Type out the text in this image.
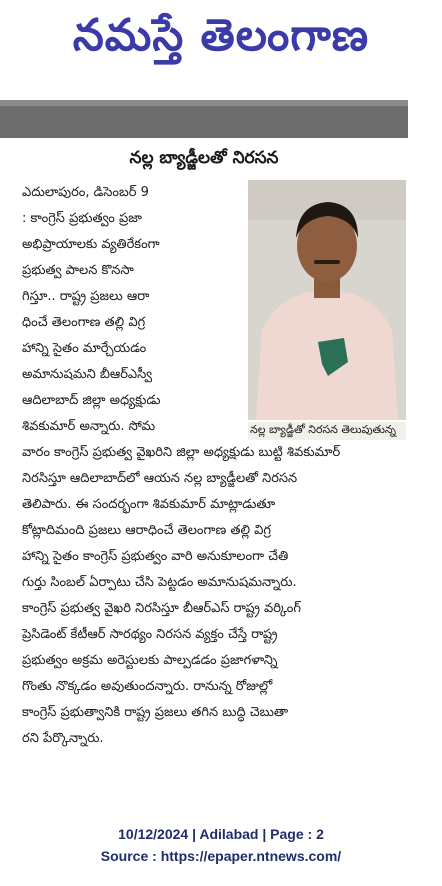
నమస్తే తెలంగాణ
నల్ల బ్యాడ్జీలతో నిరసన
నల్ల బ్యాడ్జీతో నిరసన తెలుపుతున్న
ఎదులాపురం, డిసెంబర్ 9
: కాంగ్రెస్ ప్రభుత్వం ప్రజా
అభిప్రాయాలకు వ్యతిరేకంగా
ప్రభుత్వ పాలన కొనసా
గిస్తూ.. రాష్ట్ర ప్రజలు ఆరా
ధించే తెలంగాణ తల్లి విగ్ర
హాన్ని సైతం మార్చేయడం
అమానుషమని బీఆర్ఎస్వీ
ఆదిలాబాద్ జిల్లా అధ్యక్షుడు
శివకుమార్ అన్నారు. సోమ
వారం కాంగ్రెస్ ప్రభుత్వ వైఖరిని జిల్లా అధ్యక్షుడు బుట్టి శివకుమార్
నిరసిస్తూ ఆదిలాబాద్‌లో ఆయన నల్ల బ్యాడ్జీలతో నిరసన
తెలిపారు. ఈ సందర్భంగా శివకుమార్ మాట్లాడుతూ
కోట్లాదిమంది ప్రజలు ఆరాధించే తెలంగాణ తల్లి విగ్ర
హాన్ని సైతం కాంగ్రెస్ ప్రభుత్వం వారి అనుకూలంగా చేతి
గుర్తు సింబల్ ఏర్పాటు చేసి పెట్టడం అమానుషమన్నారు.
కాంగ్రెస్ ప్రభుత్వ వైఖరి నిరసిస్తూ బీఆర్ఎస్ రాష్ట్ర వర్కింగ్
ప్రెసిడెంట్ కేటీఆర్ సారథ్యం నిరసన వ్యక్తం చేస్తే రాష్ట్ర
ప్రభుత్వం అక్రమ అరెస్టులకు పాల్పడడం ప్రజాగళాన్ని
గొంతు నొక్కడం అవుతుందన్నారు. రానున్న రోజుల్లో
కాంగ్రెస్ ప్రభుత్వానికి రాష్ట్ర ప్రజలు తగిన బుద్ధి చెబుతా
రని పేర్కొన్నారు.
10/12/2024 | Adilabad | Page : 2
Source : https://epaper.ntnews.com/
